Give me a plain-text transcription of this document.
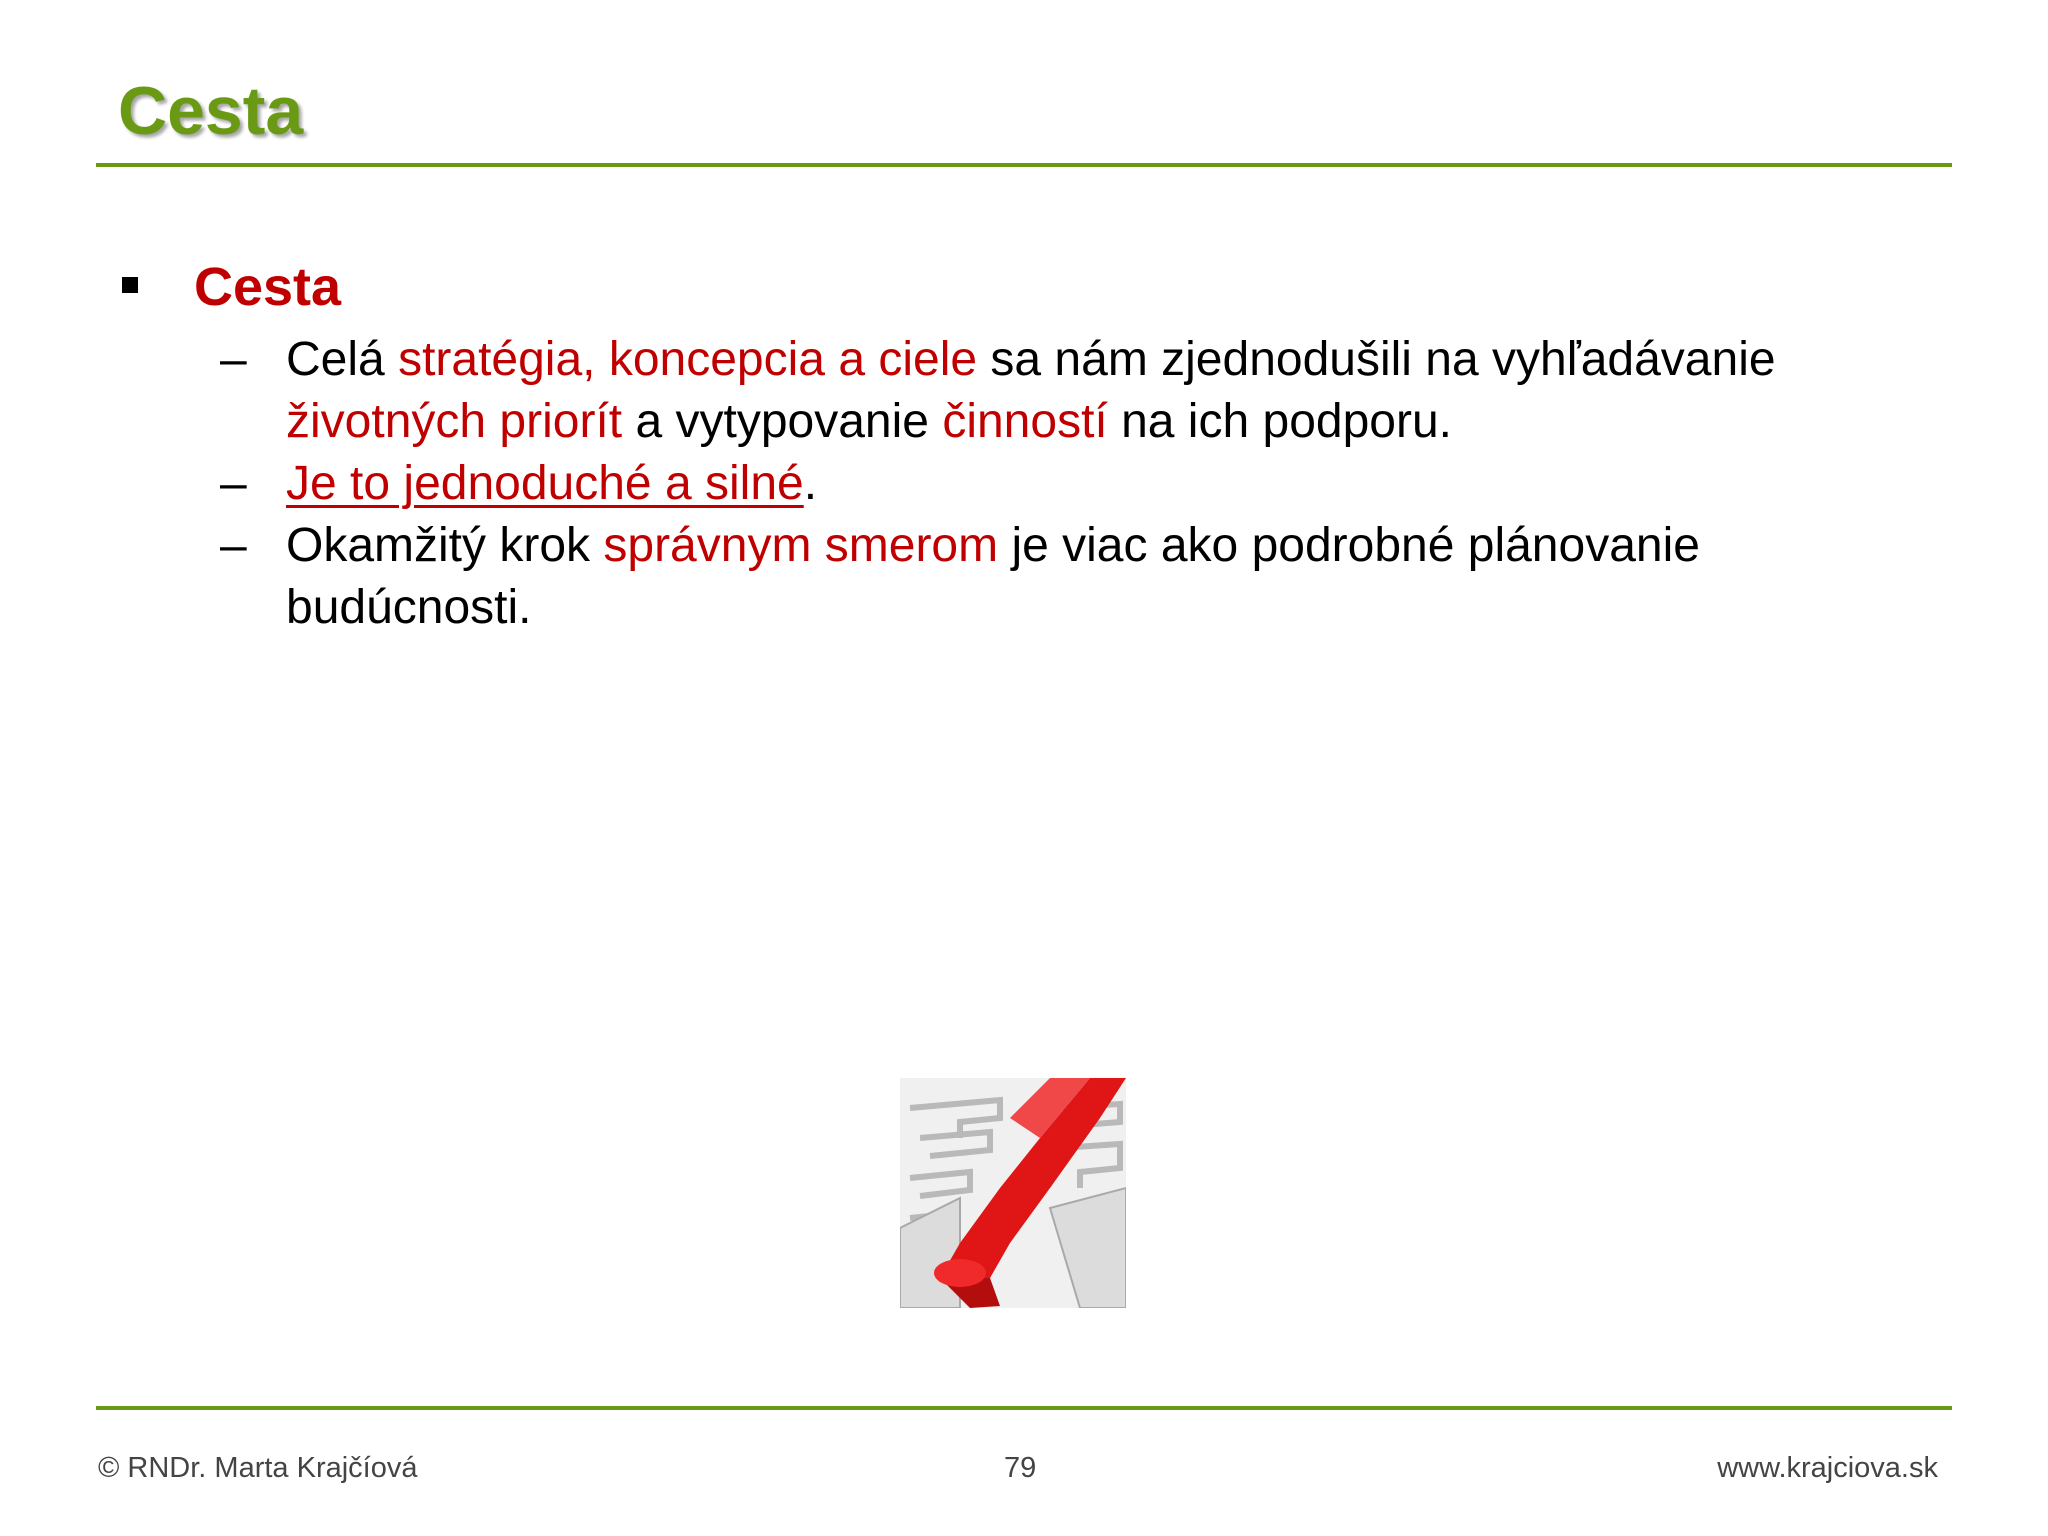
Cesta
Cesta
– Celá stratégia, koncepcia a ciele sa nám zjednodušili na vyhľadávanie životných priorít a vytypovanie činností na ich podporu.
– Je to jednoduché a silné.
– Okamžitý krok správnym smerom je viac ako podrobné plánovanie budúcnosti.
© RNDr. Marta Krajčíová	79	www.krajciova.sk
